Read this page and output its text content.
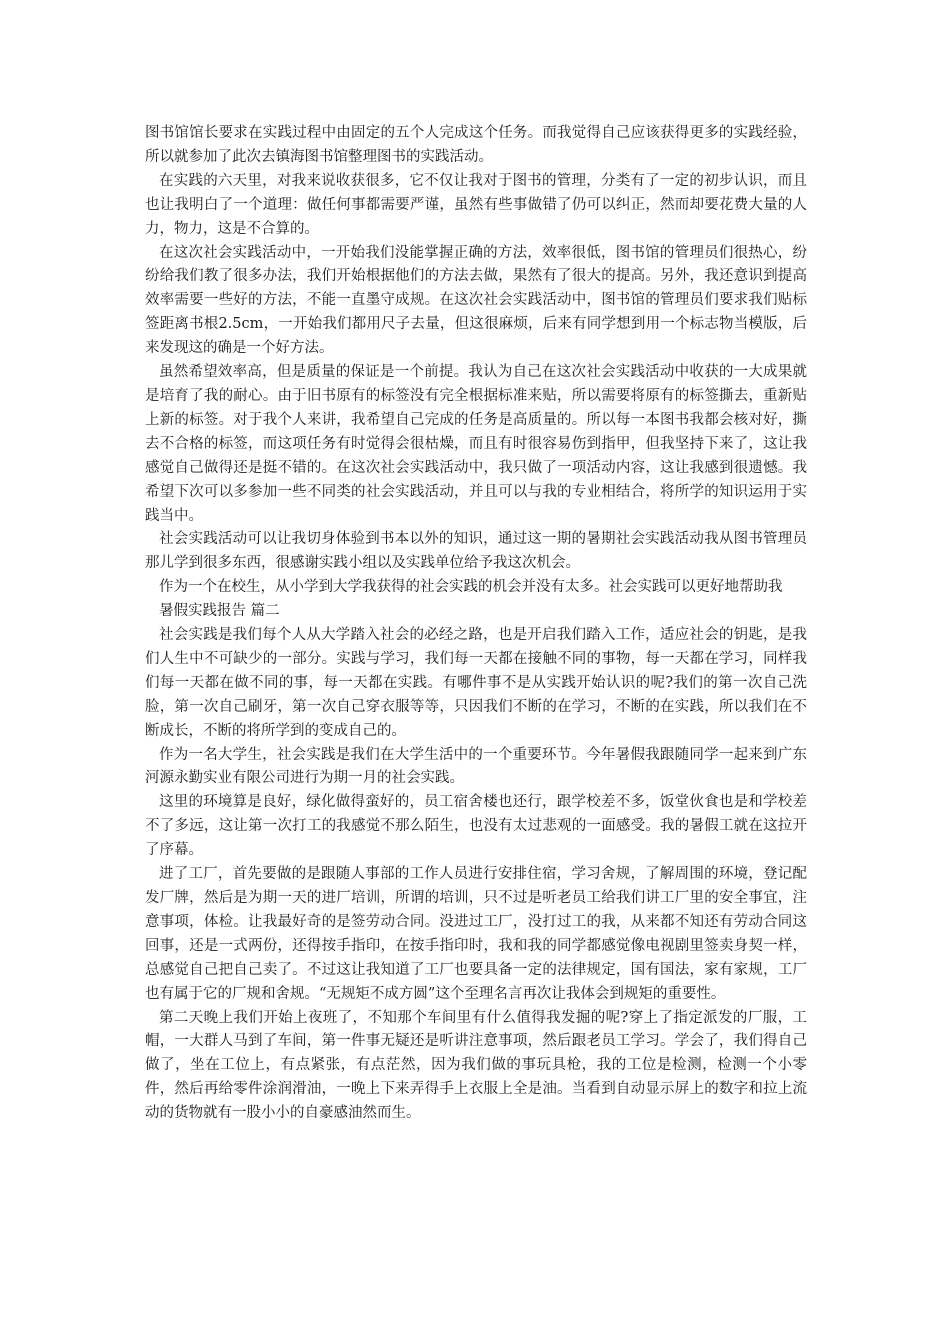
图书馆馆长要求在实践过程中由固定的五个人完成这个任务。而我觉得自己应该获得更多的实践经验，所以就参加了此次去镇海图书馆整理图书的实践活动。

在实践的六天里，对我来说收获很多，它不仅让我对于图书的管理，分类有了一定的初步认识，而且也让我明白了一个道理：做任何事都需要严谨，虽然有些事做错了仍可以纠正，然而却要花费大量的人力，物力，这是不合算的。

在这次社会实践活动中，一开始我们没能掌握正确的方法，效率很低，图书馆的管理员们很热心，纷纷给我们教了很多办法，我们开始根据他们的方法去做，果然有了很大的提高。另外，我还意识到提高效率需要一些好的方法，不能一直墨守成规。在这次社会实践活动中，图书馆的管理员们要求我们贴标签距离书根2.5cm，一开始我们都用尺子去量，但这很麻烦，后来有同学想到用一个标志物当模版，后来发现这的确是一个好方法。

虽然希望效率高，但是质量的保证是一个前提。我认为自己在这次社会实践活动中收获的一大成果就是培育了我的耐心。由于旧书原有的标签没有完全根据标准来贴，所以需要将原有的标签撕去，重新贴上新的标签。对于我个人来讲，我希望自己完成的任务是高质量的。所以每一本图书我都会核对好，撕去不合格的标签，而这项任务有时觉得会很枯燥，而且有时很容易伤到指甲，但我坚持下来了，这让我感觉自己做得还是挺不错的。在这次社会实践活动中，我只做了一项活动内容，这让我感到很遗憾。我希望下次可以多参加一些不同类的社会实践活动，并且可以与我的专业相结合，将所学的知识运用于实践当中。

社会实践活动可以让我切身体验到书本以外的知识，通过这一期的暑期社会实践活动我从图书管理员那儿学到很多东西，很感谢实践小组以及实践单位给予我这次机会。

作为一个在校生，从小学到大学我获得的社会实践的机会并没有太多。社会实践可以更好地帮助我

暑假实践报告 篇二

社会实践是我们每个人从大学踏入社会的必经之路，也是开启我们踏入工作，适应社会的钥匙，是我们人生中不可缺少的一部分。实践与学习，我们每一天都在接触不同的事物，每一天都在学习，同样我们每一天都在做不同的事，每一天都在实践。有哪件事不是从实践开始认识的呢?我们的第一次自己洗脸，第一次自己刷牙，第一次自己穿衣服等等，只因我们不断的在学习，不断的在实践，所以我们在不断成长，不断的将所学到的变成自己的。

作为一名大学生，社会实践是我们在大学生活中的一个重要环节。今年暑假我跟随同学一起来到广东河源永勤实业有限公司进行为期一月的社会实践。

这里的环境算是良好，绿化做得蛮好的，员工宿舍楼也还行，跟学校差不多，饭堂伙食也是和学校差不了多远，这让第一次打工的我感觉不那么陌生，也没有太过悲观的一面感受。我的暑假工就在这拉开了序幕。

进了工厂，首先要做的是跟随人事部的工作人员进行安排住宿，学习舍规，了解周围的环境，登记配发厂牌，然后是为期一天的进厂培训，所谓的培训，只不过是听老员工给我们讲工厂里的安全事宜，注意事项，体检。让我最好奇的是签劳动合同。没进过工厂，没打过工的我，从来都不知还有劳动合同这回事，还是一式两份，还得按手指印，在按手指印时，我和我的同学都感觉像电视剧里签卖身契一样，总感觉自己把自己卖了。不过这让我知道了工厂也要具备一定的法律规定，国有国法，家有家规，工厂也有属于它的厂规和舍规。“无规矩不成方圆”这个至理名言再次让我体会到规矩的重要性。

第二天晚上我们开始上夜班了，不知那个车间里有什么值得我发掘的呢?穿上了指定派发的厂服，工帽，一大群人马到了车间，第一件事无疑还是听讲注意事项，然后跟老员工学习。学会了，我们得自己做了，坐在工位上，有点紧张，有点茫然，因为我们做的事玩具枪，我的工位是检测，检测一个小零件，然后再给零件涂润滑油，一晚上下来弄得手上衣服上全是油。当看到自动显示屏上的数字和拉上流动的货物就有一股小小的自豪感油然而生。
